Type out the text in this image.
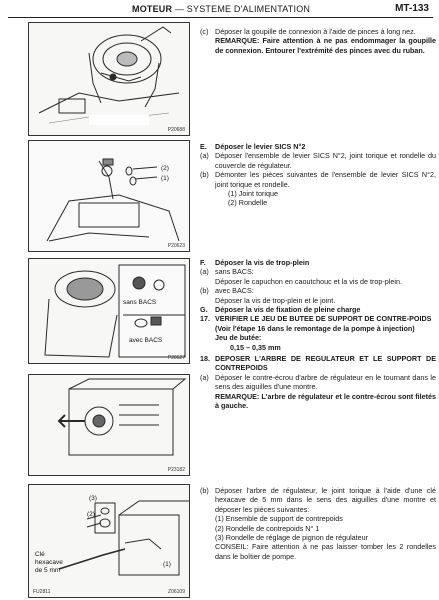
MOTEUR — SYSTEME D'ALIMENTATION	MT-133
P20688
(2)
(1)
P20623
sans BACS
avec BACS
P20627
P23182
(3)
(2)
(1)
Clé
hexacave
de 5 mm
FU2811	Z06109
(c) Déposer la goupille de connexion à l'aide de pinces à long nez.
REMARQUE: Faire attention à ne pas endommager la goupille de connexion. Entourer l'extrémité des pinces avec du ruban.
E. Déposer le levier SICS N°2
(a) Déposer l'ensemble de levier SICS N°2, joint torique et rondelle du couvercle de régulateur.
(b) Démonter les pièces suivantes de l'ensemble de levier SICS N°2, joint torique et rondelle.
(1) Joint torique
(2) Rondelle
F. Déposer la vis de trop-plein
(a) sans BACS:
Déposer le capuchon en caoutchouc et la vis de trop-plein.
(b) avec BACS:
Déposer la vis de trop-plein et le joint.
G. Déposer la vis de fixation de pleine charge
17. VERIFIER LE JEU DE BUTEE DE SUPPORT DE CONTRE-POIDS
(Voir l'étape 16 dans le remontage de la pompe à injection)
Jeu de butée:
0,15 – 0,35 mm
18. DEPOSER L'ARBRE DE REGULATEUR ET LE SUPPORT DE CONTREPOIDS
(a) Déposer le contre-écrou d'arbre de régulateur en le tournant dans le sens des aiguilles d'une montre.
REMARQUE: L'arbre de régulateur et le contre-écrou sont filetés à gauche.
(b) Déposer l'arbre de régulateur, le joint torique à l'aide d'une clé hexacave de 5 mm dans le sens des aiguilles d'une montre et déposer les pièces suivantes:
(1) Ensemble de support de contrepoids
(2) Rondelle de contrepoids N° 1
(3) Rondelle de réglage de pignon de régulateur
CONSEIL: Faire attention à ne pas laisser tomber les 2 rondelles dans le boîtier de pompe.
